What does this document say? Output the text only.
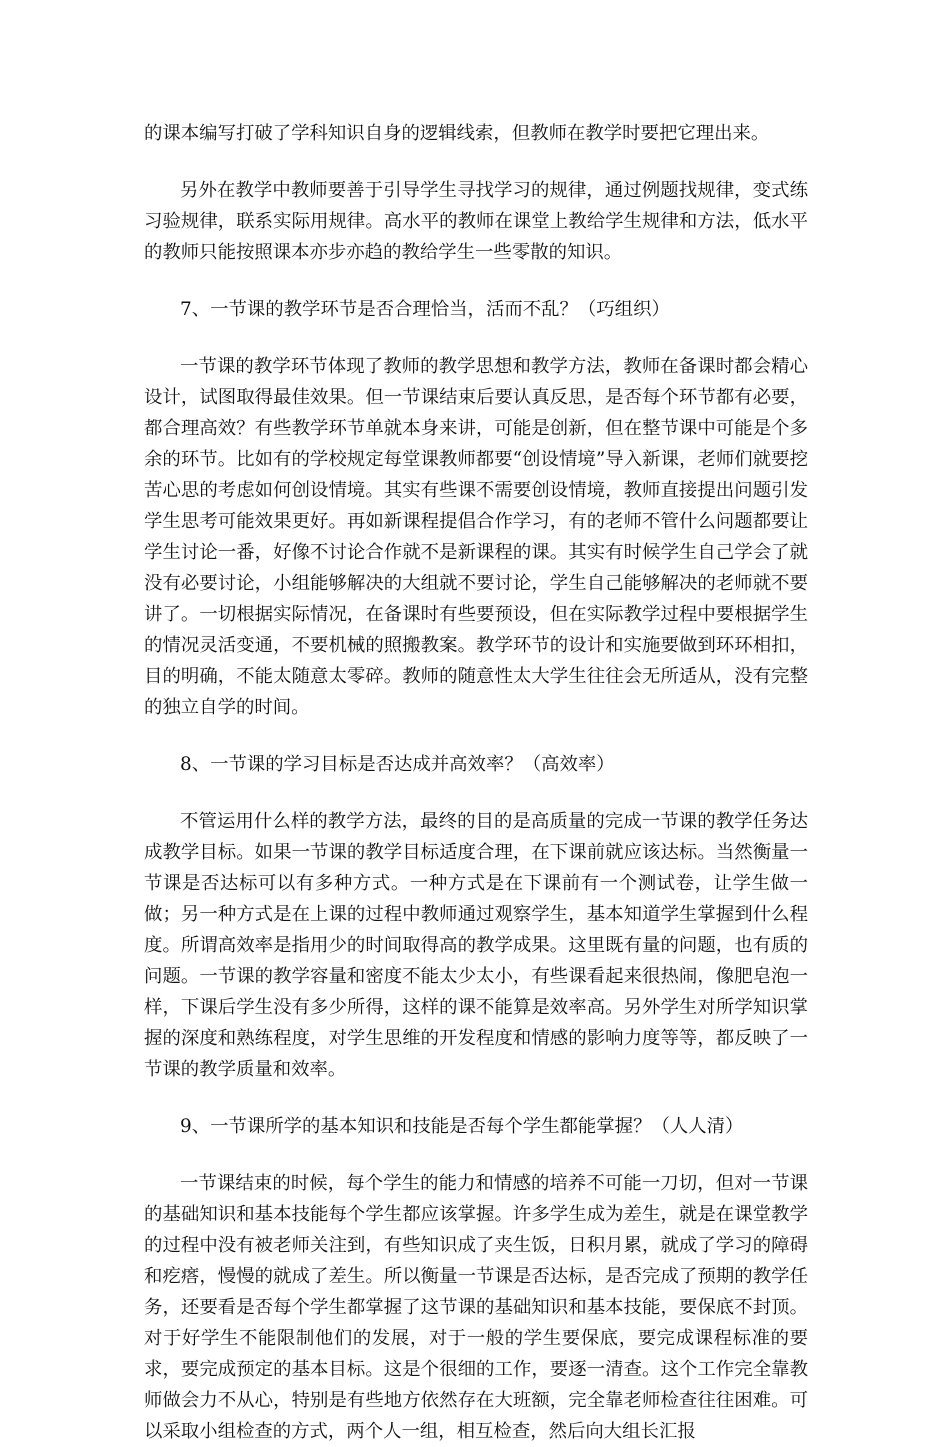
的课本编写打破了学科知识自身的逻辑线索，但教师在教学时要把它理出来。

另外在教学中教师要善于引导学生寻找学习的规律，通过例题找规律，变式练习验规律，联系实际用规律。高水平的教师在课堂上教给学生规律和方法，低水平的教师只能按照课本亦步亦趋的教给学生一些零散的知识。

7、一节课的教学环节是否合理恰当，活而不乱？（巧组织）

一节课的教学环节体现了教师的教学思想和教学方法，教师在备课时都会精心设计，试图取得最佳效果。但一节课结束后要认真反思，是否每个环节都有必要，都合理高效？有些教学环节单就本身来讲，可能是创新，但在整节课中可能是个多余的环节。比如有的学校规定每堂课教师都要“创设情境”导入新课，老师们就要挖苦心思的考虑如何创设情境。其实有些课不需要创设情境，教师直接提出问题引发学生思考可能效果更好。再如新课程提倡合作学习，有的老师不管什么问题都要让学生讨论一番，好像不讨论合作就不是新课程的课。其实有时候学生自己学会了就没有必要讨论，小组能够解决的大组就不要讨论，学生自己能够解决的老师就不要讲了。一切根据实际情况，在备课时有些要预设，但在实际教学过程中要根据学生的情况灵活变通，不要机械的照搬教案。教学环节的设计和实施要做到环环相扣，目的明确，不能太随意太零碎。教师的随意性太大学生往往会无所适从，没有完整的独立自学的时间。

8、一节课的学习目标是否达成并高效率？（高效率）

不管运用什么样的教学方法，最终的目的是高质量的完成一节课的教学任务达成教学目标。如果一节课的教学目标适度合理，在下课前就应该达标。当然衡量一节课是否达标可以有多种方式。一种方式是在下课前有一个测试卷，让学生做一做；另一种方式是在上课的过程中教师通过观察学生，基本知道学生掌握到什么程度。所谓高效率是指用少的时间取得高的教学成果。这里既有量的问题，也有质的问题。一节课的教学容量和密度不能太少太小，有些课看起来很热闹，像肥皂泡一样，下课后学生没有多少所得，这样的课不能算是效率高。另外学生对所学知识掌握的深度和熟练程度，对学生思维的开发程度和情感的影响力度等等，都反映了一节课的教学质量和效率。

9、一节课所学的基本知识和技能是否每个学生都能掌握？（人人清）

一节课结束的时候，每个学生的能力和情感的培养不可能一刀切，但对一节课的基础知识和基本技能每个学生都应该掌握。许多学生成为差生，就是在课堂教学的过程中没有被老师关注到，有些知识成了夹生饭，日积月累，就成了学习的障碍和疙瘩，慢慢的就成了差生。所以衡量一节课是否达标，是否完成了预期的教学任务，还要看是否每个学生都掌握了这节课的基础知识和基本技能，要保底不封顶。对于好学生不能限制他们的发展，对于一般的学生要保底，要完成课程标准的要求，要完成预定的基本目标。这是个很细的工作，要逐一清查。这个工作完全靠教师做会力不从心，特别是有些地方依然存在大班额，完全靠老师检查往往困难。可以采取小组检查的方式，两个人一组，相互检查，然后向大组长汇报
